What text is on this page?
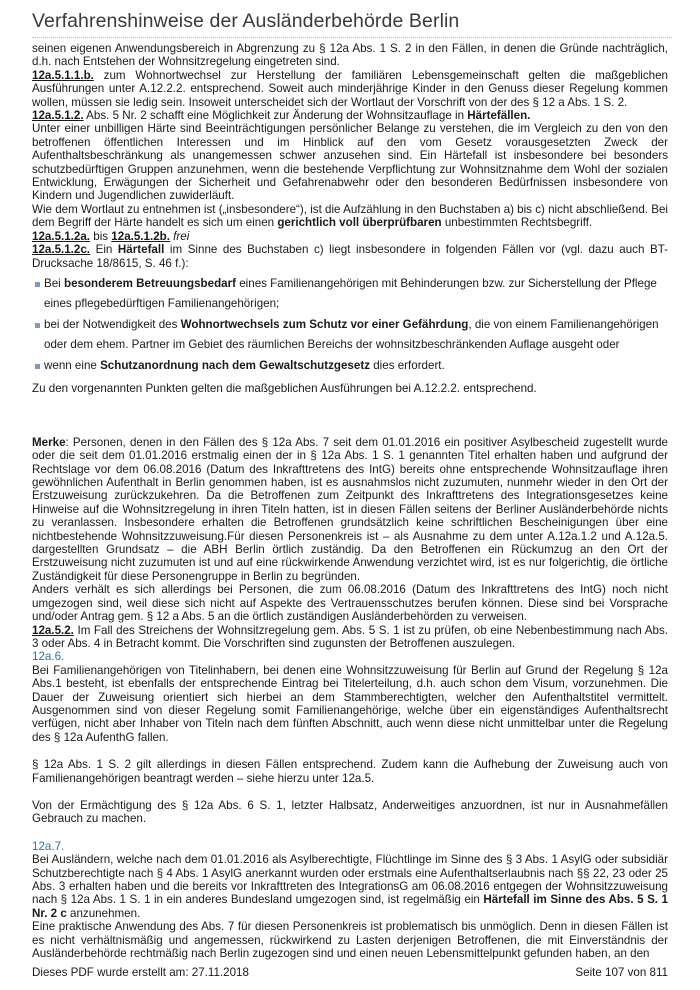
Verfahrenshinweise der Ausländerbehörde Berlin

seinen eigenen Anwendungsbereich in Abgrenzung zu § 12a Abs. 1 S. 2 in den Fällen, in denen die Gründe nachträglich, d.h. nach Entstehen der Wohnsitzregelung eingetreten sind.

12a.5.1.1.b. zum Wohnortwechsel zur Herstellung der familiären Lebensgemeinschaft gelten die maßgeblichen Ausführungen unter A.12.2.2. entsprechend. Soweit auch minderjährige Kinder in den Genuss dieser Regelung kommen wollen, müssen sie ledig sein. Insoweit unterscheidet sich der Wortlaut der Vorschrift von der des § 12 a Abs. 1 S. 2.

12a.5.1.2. Abs. 5 Nr. 2 schafft eine Möglichkeit zur Änderung der Wohnsitzauflage in Härtefällen.

Unter einer unbilligen Härte sind Beeinträchtigungen persönlicher Belange zu verstehen, die im Vergleich zu den von den betroffenen öffentlichen Interessen und im Hinblick auf den vom Gesetz vorausgesetzten Zweck der Aufenthaltsbeschränkung als unangemessen schwer anzusehen sind. Ein Härtefall ist insbesondere bei besonders schutzbedürftigen Gruppen anzunehmen, wenn die bestehende Verpflichtung zur Wohnsitznahme dem Wohl der sozialen Entwicklung, Erwägungen der Sicherheit und Gefahrenabwehr oder den besonderen Bedürfnissen insbesondere von Kindern und Jugendlichen zuwiderläuft.

Wie dem Wortlaut zu entnehmen ist („insbesondere“), ist die Aufzählung in den Buchstaben a) bis c) nicht abschließend. Bei dem Begriff der Härte handelt es sich um einen gerichtlich voll überprüfbaren unbestimmten Rechtsbegriff.

12a.5.1.2a. bis 12a.5.1.2b. frei

12a.5.1.2c. Ein Härtefall im Sinne des Buchstaben c) liegt insbesondere in folgenden Fällen vor (vgl. dazu auch BT-Drucksache 18/8615, S. 46 f.):

Bei besonderem Betreuungsbedarf eines Familienangehörigen mit Behinderungen bzw. zur Sicherstellung der Pflege eines pflegebedürftigen Familienangehörigen;
bei der Notwendigkeit des Wohnortwechsels zum Schutz vor einer Gefährdung, die von einem Familienangehörigen oder dem ehem. Partner im Gebiet des räumlichen Bereichs der wohnsitzbeschränkenden Auflage ausgeht oder
wenn eine Schutzanordnung nach dem Gewaltschutzgesetz dies erfordert.

Zu den vorgenannten Punkten gelten die maßgeblichen Ausführungen bei A.12.2.2. entsprechend.

Merke: Personen, denen in den Fällen des § 12a Abs. 7 seit dem 01.01.2016 ein positiver Asylbescheid zugestellt wurde oder die seit dem 01.01.2016 erstmalig einen der in § 12a Abs. 1 S. 1 genannten Titel erhalten haben und aufgrund der Rechtslage vor dem 06.08.2016 (Datum des Inkrafttretens des IntG) bereits ohne entsprechende Wohnsitzauflage ihren gewöhnlichen Aufenthalt in Berlin genommen haben, ist es ausnahmslos nicht zuzumuten, nunmehr wieder in den Ort der Erstzuweisung zurückzukehren. Da die Betroffenen zum Zeitpunkt des Inkrafttretens des Integrationsgesetzes keine Hinweise auf die Wohnsitzregelung in ihren Titeln hatten, ist in diesen Fällen seitens der Berliner Ausländerbehörde nichts zu veranlassen. Insbesondere erhalten die Betroffenen grundsätzlich keine schriftlichen Bescheinigungen über eine nichtbestehende Wohnsitzzuweisung.Für diesen Personenkreis ist – als Ausnahme zu dem unter A.12a.1.2 und A.12a.5. dargestellten Grundsatz – die ABH Berlin örtlich zuständig. Da den Betroffenen ein Rückumzug an den Ort der Erstzuweisung nicht zuzumuten ist und auf eine rückwirkende Anwendung verzichtet wird, ist es nur folgerichtig, die örtliche Zuständigkeit für diese Personengruppe in Berlin zu begründen.

Anders verhält es sich allerdings bei Personen, die zum 06.08.2016 (Datum des Inkrafttretens des IntG) noch nicht umgezogen sind, weil diese sich nicht auf Aspekte des Vertrauensschutzes berufen können. Diese sind bei Vorsprache und/oder Antrag gem. § 12 a Abs. 5 an die örtlich zuständigen Ausländerbehörden zu verweisen.

12a.5.2. Im Fall des Streichens der Wohnsitzregelung gem. Abs. 5 S. 1 ist zu prüfen, ob eine Nebenbestimmung nach Abs. 3 oder Abs. 4 in Betracht kommt. Die Vorschriften sind zugunsten der Betroffenen auszulegen.

12a.6.

Bei Familienangehörigen von Titelinhabern, bei denen eine Wohnsitzzuweisung für Berlin auf Grund der Regelung § 12a Abs.1 besteht, ist ebenfalls der entsprechende Eintrag bei Titelerteilung, d.h. auch schon dem Visum, vorzunehmen. Die Dauer der Zuweisung orientiert sich hierbei an dem Stammberechtigten, welcher den Aufenthaltstitel vermittelt. Ausgenommen sind von dieser Regelung somit Familienangehörige, welche über ein eigenständiges Aufenthaltsrecht verfügen, nicht aber Inhaber von Titeln nach dem fünften Abschnitt, auch wenn diese nicht unmittelbar unter die Regelung des § 12a AufenthG fallen.

§ 12a Abs. 1 S. 2 gilt allerdings in diesen Fällen entsprechend. Zudem kann die Aufhebung der Zuweisung auch von Familienangehörigen beantragt werden – siehe hierzu unter 12a.5.

Von der Ermächtigung des § 12a Abs. 6 S. 1, letzter Halbsatz, Anderweitiges anzuordnen, ist nur in Ausnahmefällen Gebrauch zu machen.

12a.7.

Bei Ausländern, welche nach dem 01.01.2016 als Asylberechtigte, Flüchtlinge im Sinne des § 3 Abs. 1 AsylG oder subsidiär Schutzberechtigte nach § 4 Abs. 1 AsylG anerkannt wurden oder erstmals eine Aufenthaltserlaubnis nach §§ 22, 23 oder 25 Abs. 3 erhalten haben und die bereits vor Inkrafttreten des IntegrationsG am 06.08.2016 entgegen der Wohnsitzzuweisung nach § 12a Abs. 1 S. 1 in ein anderes Bundesland umgezogen sind, ist regelmäßig ein Härtefall im Sinne des Abs. 5 S. 1 Nr. 2 c anzunehmen.

Eine praktische Anwendung des Abs. 7 für diesen Personenkreis ist problematisch bis unmöglich. Denn in diesen Fällen ist es nicht verhältnismäßig und angemessen, rückwirkend zu Lasten derjenigen Betroffenen, die mit Einverständnis der Ausländerbehörde rechtmäßig nach Berlin zugezogen sind und einen neuen Lebensmittelpunkt gefunden haben, an den

Dieses PDF wurde erstellt am: 27.11.2018	Seite 107 von 811
